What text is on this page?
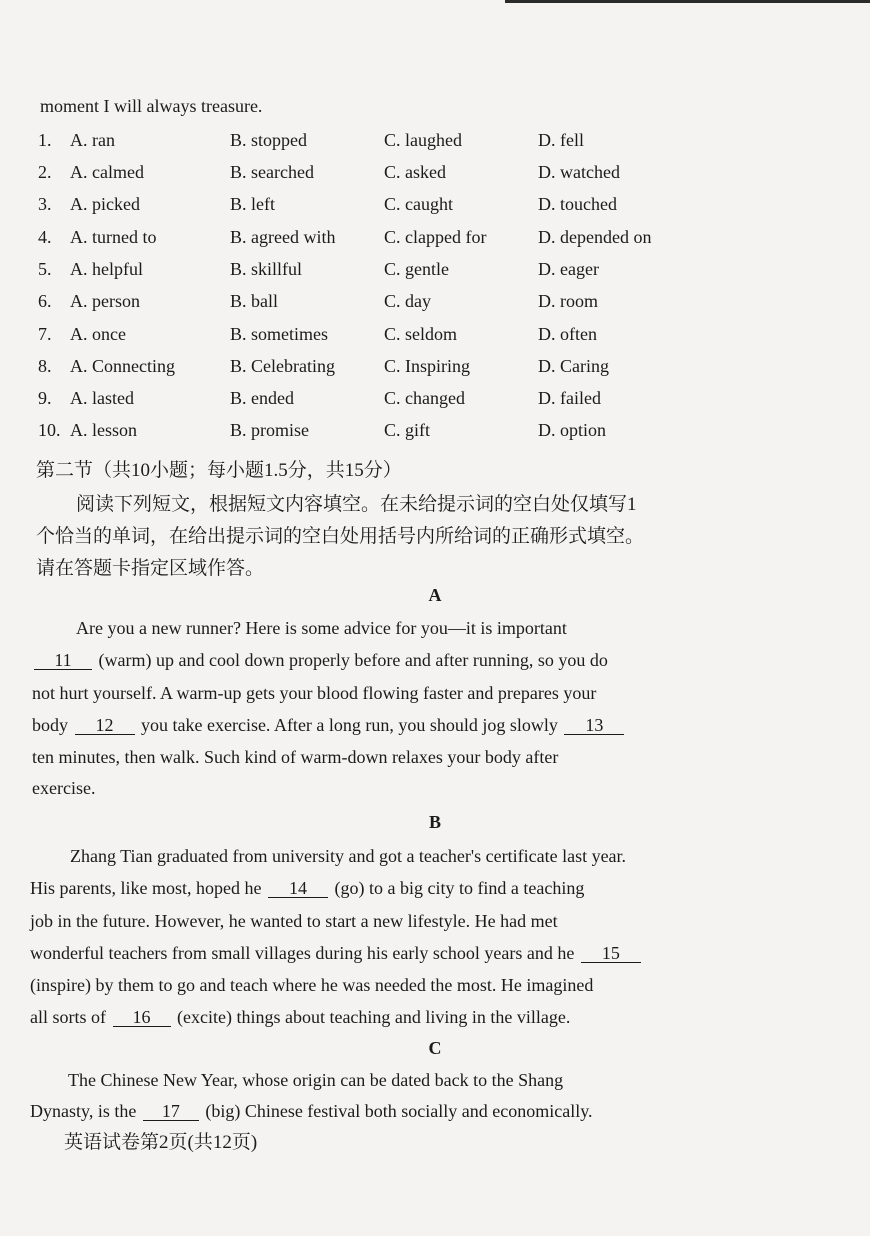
moment I will always treasure.
1. A. ran	B. stopped	C. laughed	D. fell
2. A. calmed	B. searched	C. asked	D. watched
3. A. picked	B. left	C. caught	D. touched
4. A. turned to	B. agreed with	C. clapped for	D. depended on
5. A. helpful	B. skillful	C. gentle	D. eager
6. A. person	B. ball	C. day	D. room
7. A. once	B. sometimes	C. seldom	D. often
8. A. Connecting	B. Celebrating	C. Inspiring	D. Caring
9. A. lasted	B. ended	C. changed	D. failed
10. A. lesson	B. promise	C. gift	D. option
第二节（共10小题；每小题1.5分，共15分）
阅读下列短文，根据短文内容填空。在未给提示词的空白处仅填写1
个恰当的单词，在给出提示词的空白处用括号内所给词的正确形式填空。
请在答题卡指定区域作答。
A
Are you a new runner? Here is some advice for you—it is important
11 (warm) up and cool down properly before and after running, so you do
not hurt yourself. A warm-up gets your blood flowing faster and prepares your
body 12 you take exercise. After a long run, you should jog slowly 13
ten minutes, then walk. Such kind of warm-down relaxes your body after
exercise.
B
Zhang Tian graduated from university and got a teacher's certificate last year.
His parents, like most, hoped he 14 (go) to a big city to find a teaching
job in the future. However, he wanted to start a new lifestyle. He had met
wonderful teachers from small villages during his early school years and he 15
(inspire) by them to go and teach where he was needed the most. He imagined
all sorts of 16 (excite) things about teaching and living in the village.
C
The Chinese New Year, whose origin can be dated back to the Shang
Dynasty, is the 17 (big) Chinese festival both socially and economically.
英语试卷第2页(共12页)
